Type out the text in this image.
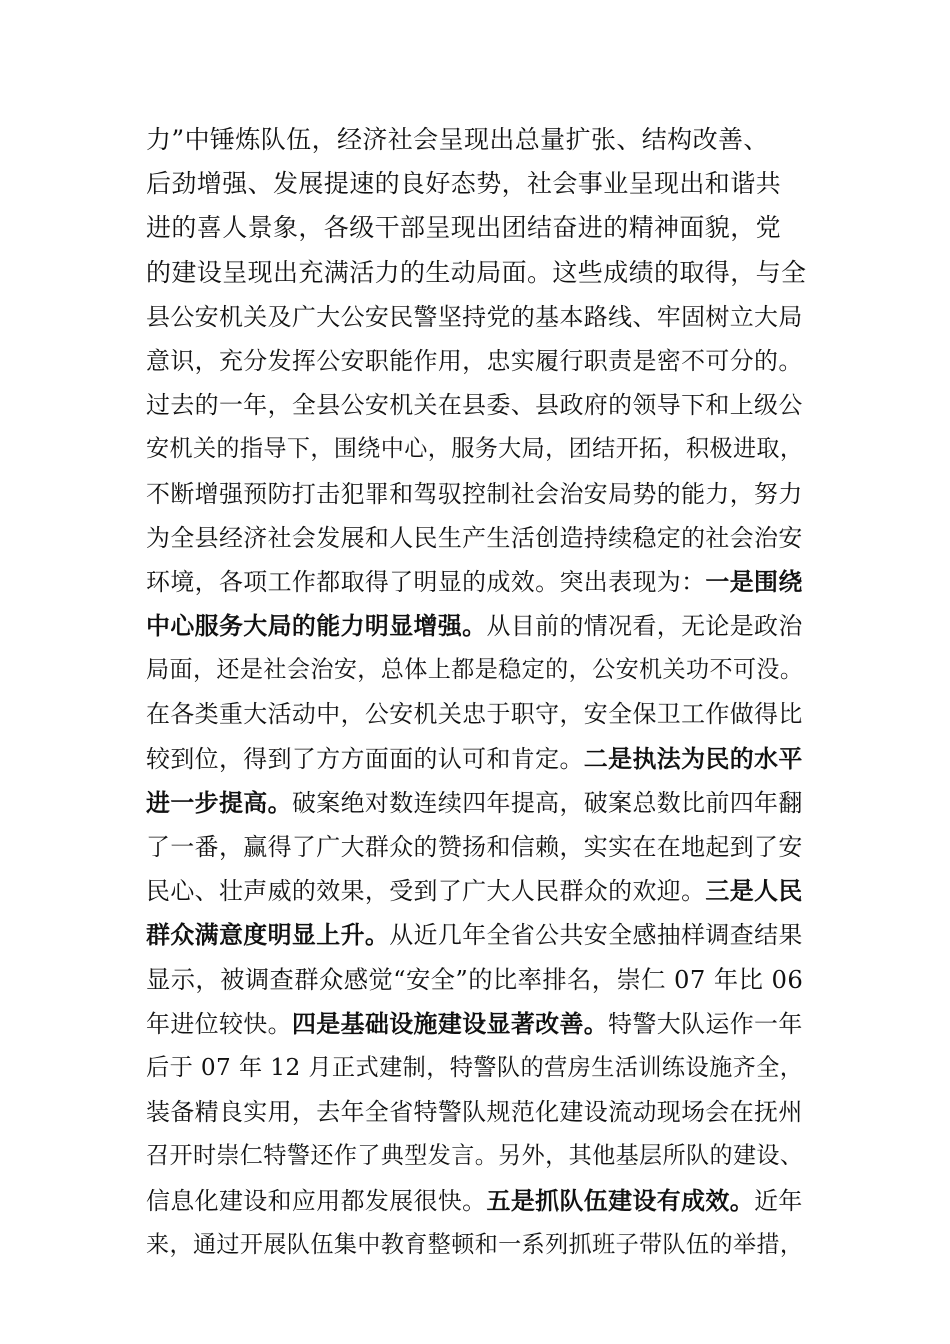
力”中锤炼队伍，经济社会呈现出总量扩张、结构改善、
后劲增强、发展提速的良好态势，社会事业呈现出和谐共
进的喜人景象，各级干部呈现出团结奋进的精神面貌，党
的建设呈现出充满活力的生动局面。这些成绩的取得，与全
县公安机关及广大公安民警坚持党的基本路线、牢固树立大局
意识，充分发挥公安职能作用，忠实履行职责是密不可分的。
过去的一年，全县公安机关在县委、县政府的领导下和上级公
安机关的指导下，围绕中心，服务大局，团结开拓，积极进取，
不断增强预防打击犯罪和驾驭控制社会治安局势的能力，努力
为全县经济社会发展和人民生产生活创造持续稳定的社会治安
环境，各项工作都取得了明显的成效。突出表现为：一是围绕
中心服务大局的能力明显增强。从目前的情况看，无论是政治
局面，还是社会治安，总体上都是稳定的，公安机关功不可没。
在各类重大活动中，公安机关忠于职守，安全保卫工作做得比
较到位，得到了方方面面的认可和肯定。二是执法为民的水平
进一步提高。破案绝对数连续四年提高，破案总数比前四年翻
了一番，赢得了广大群众的赞扬和信赖，实实在在地起到了安
民心、壮声威的效果，受到了广大人民群众的欢迎。三是人民
群众满意度明显上升。从近几年全省公共安全感抽样调查结果
显示，被调查群众感觉“安全”的比率排名，崇仁 07 年比 06
年进位较快。四是基础设施建设显著改善。特警大队运作一年
后于 07 年 12 月正式建制，特警队的营房生活训练设施齐全，
装备精良实用，去年全省特警队规范化建设流动现场会在抚州
召开时崇仁特警还作了典型发言。另外，其他基层所队的建设、
信息化建设和应用都发展很快。五是抓队伍建设有成效。近年
来，通过开展队伍集中教育整顿和一系列抓班子带队伍的举措，
